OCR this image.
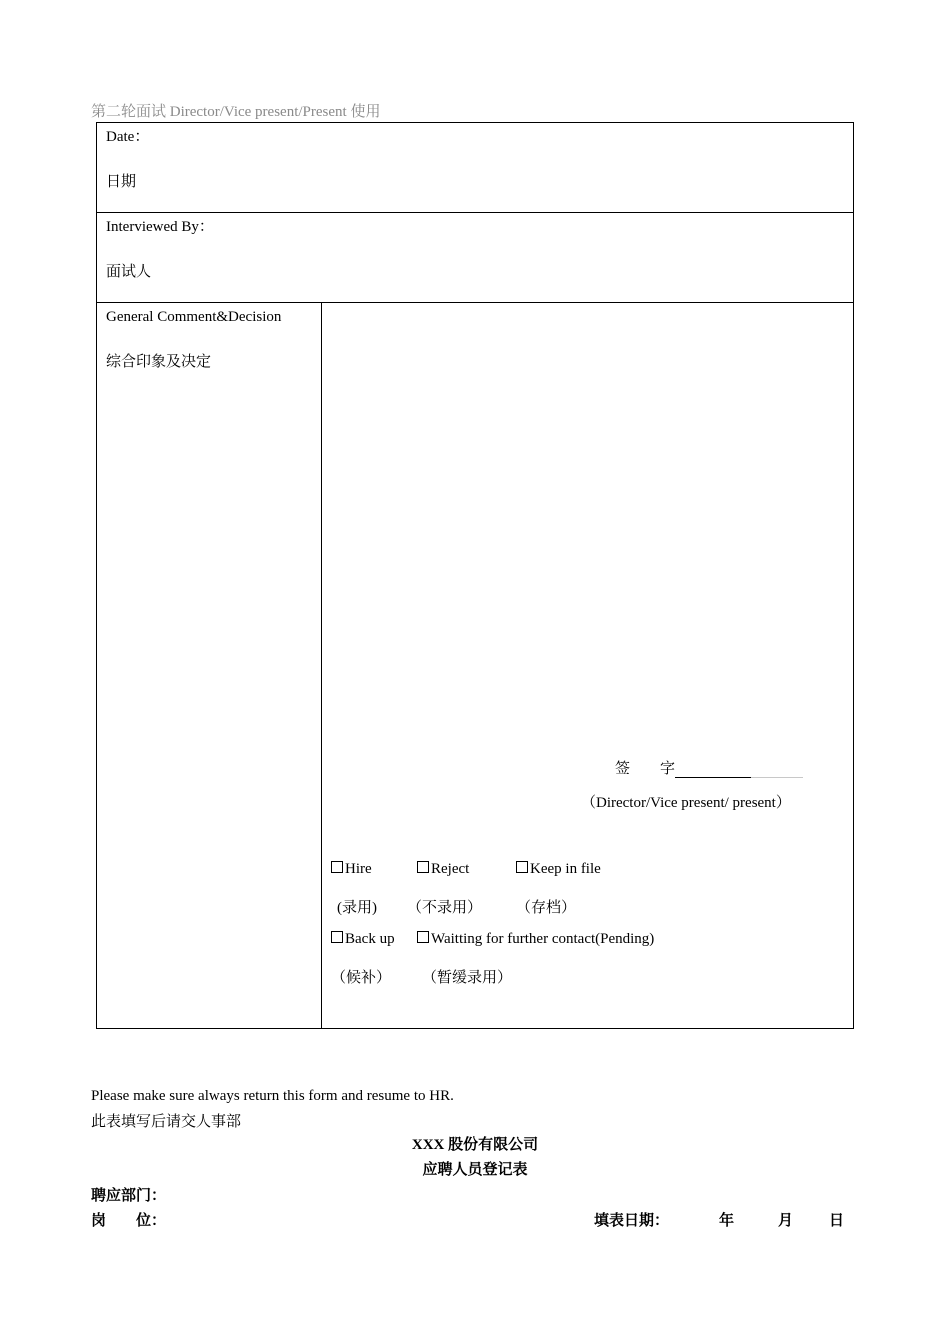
第二轮面试 Director/Vice present/Present 使用
Date：
日期
Interviewed By：
面试人
General Comment&Decision
综合印象及决定
签　　字
（Director/Vice present/ present）
Hire	Reject	Keep in file
(录用) （不录用） （存档）
Back up	Waitting for further contact(Pending)
（候补） （暂缓录用）
Please make sure always return this form and resume to HR.
此表填写后请交人事部
XXX 股份有限公司
应聘人员登记表
聘应部门：
岗　　位：	填表日期：	年	月 日
